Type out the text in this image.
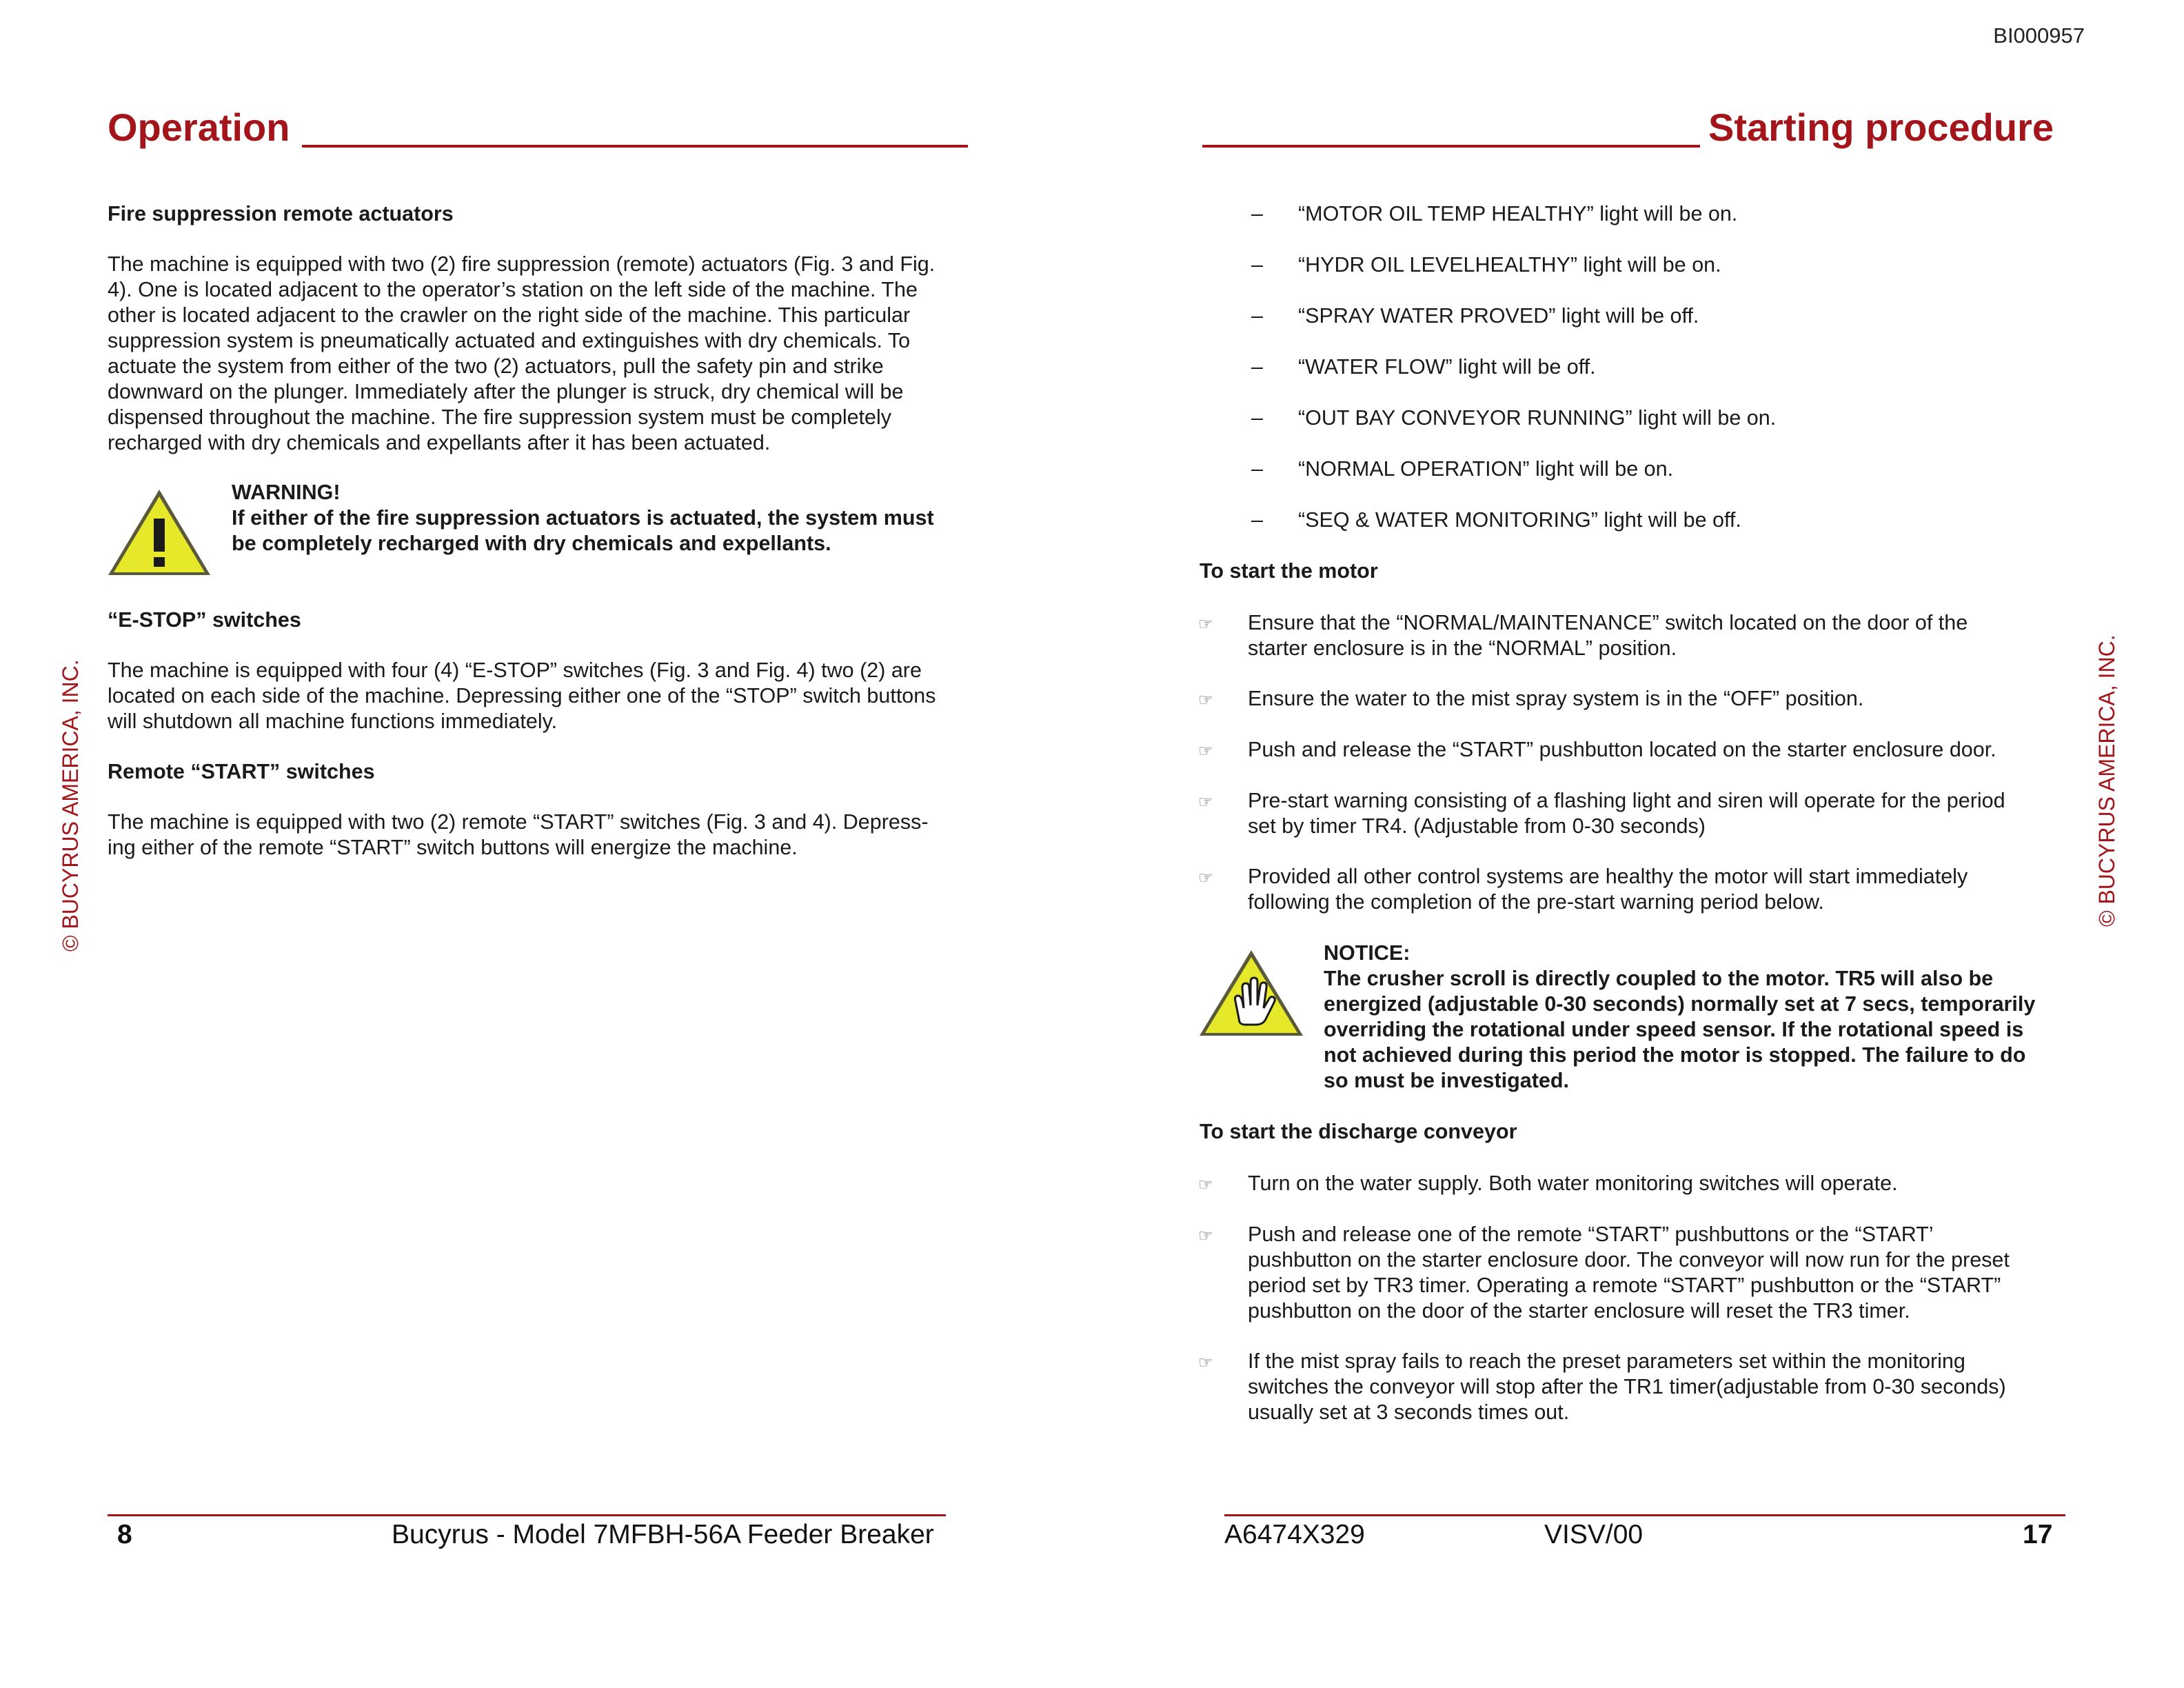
BI000957
Operation
© BUCYRUS AMERICA, INC.
Fire suppression remote actuators
The machine is equipped with two (2) fire suppression (remote) actuators (Fig. 3 and Fig.
4). One is located adjacent to the operator’s station on the left side of the machine. The
other is located adjacent to the crawler on the right side of the machine. This particular
suppression system is pneumatically actuated and extinguishes with dry chemicals. To
actuate the system from either of the two (2) actuators, pull the safety pin and strike
downward on the plunger. Immediately after the plunger is struck, dry chemical will be
dispensed throughout the machine. The fire suppression system must be completely
recharged with dry chemicals and expellants after it has been actuated.
WARNING!
If either of the fire suppression actuators is actuated, the system must
be completely recharged with dry chemicals and expellants.
“E-STOP” switches
The machine is equipped with four (4) “E-STOP” switches (Fig. 3 and Fig. 4) two (2) are
located on each side of the machine. Depressing either one of the “STOP” switch buttons
will shutdown all machine functions immediately.
Remote “START” switches
The machine is equipped with two (2) remote “START” switches (Fig. 3 and 4). Depress-
ing either of the remote “START” switch buttons will energize the machine.
8	Bucyrus - Model 7MFBH-56A Feeder Breaker
Starting procedure
© BUCYRUS AMERICA, INC.
– “MOTOR OIL TEMP HEALTHY” light will be on.
– “HYDR OIL LEVELHEALTHY” light will be on.
– “SPRAY WATER PROVED” light will be off.
– “WATER FLOW” light will be off.
– “OUT BAY CONVEYOR RUNNING” light will be on.
– “NORMAL OPERATION” light will be on.
– “SEQ & WATER MONITORING” light will be off.
To start the motor
☞ Ensure that the “NORMAL/MAINTENANCE” switch located on the door of the
starter enclosure is in the “NORMAL” position.
☞ Ensure the water to the mist spray system is in the “OFF” position.
☞ Push and release the “START” pushbutton located on the starter enclosure door.
☞ Pre-start warning consisting of a flashing light and siren will operate for the period
set by timer TR4. (Adjustable from 0-30 seconds)
☞ Provided all other control systems are healthy the motor will start immediately
following the completion of the pre-start warning period below.
NOTICE:
The crusher scroll is directly coupled to the motor. TR5 will also be
energized (adjustable 0-30 seconds) normally set at 7 secs, temporarily
overriding the rotational under speed sensor. If the rotational speed is
not achieved during this period the motor is stopped. The failure to do
so must be investigated.
To start the discharge conveyor
☞ Turn on the water supply. Both water monitoring switches will operate.
☞ Push and release one of the remote “START” pushbuttons or the “START’
pushbutton on the starter enclosure door. The conveyor will now run for the preset
period set by TR3 timer. Operating a remote “START” pushbutton or the “START”
pushbutton on the door of the starter enclosure will reset the TR3 timer.
☞ If the mist spray fails to reach the preset parameters set within the monitoring
switches the conveyor will stop after the TR1 timer(adjustable from 0-30 seconds)
usually set at 3 seconds times out.
A6474X329	VISV/00	17
